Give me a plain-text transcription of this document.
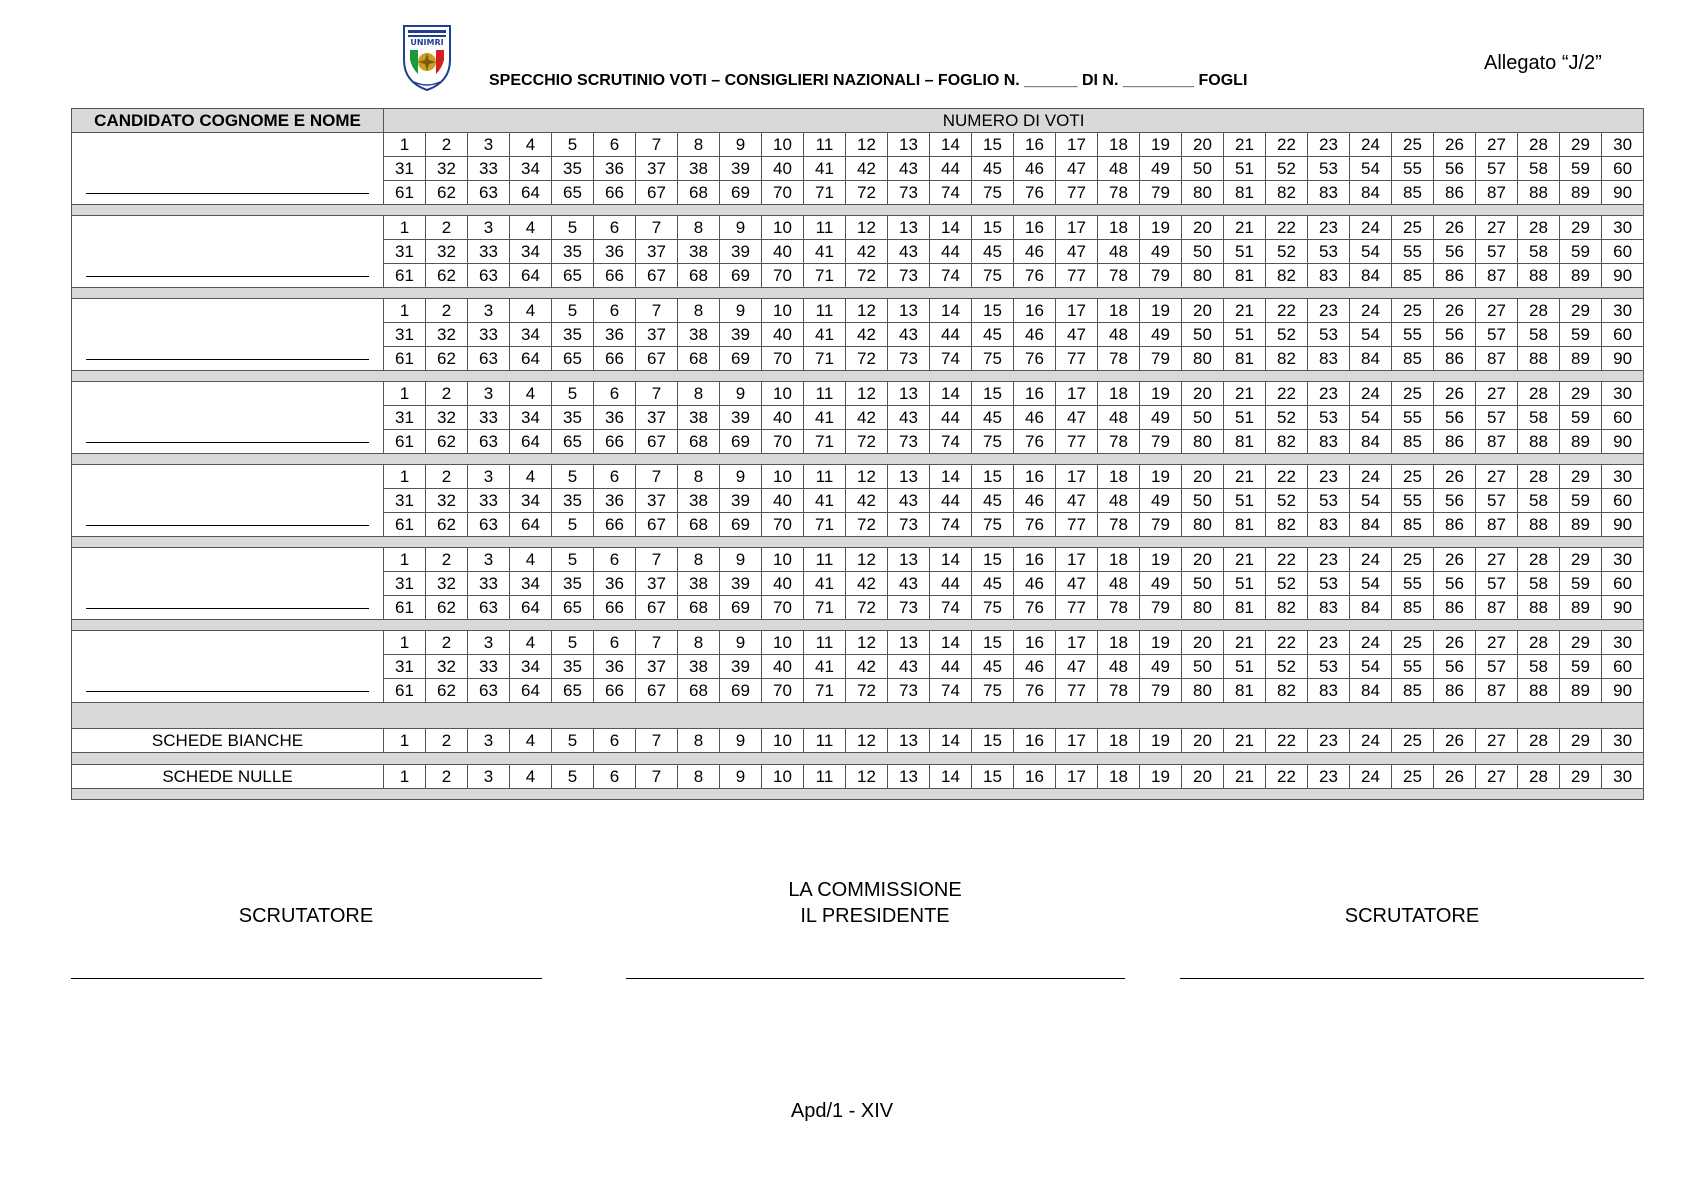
UNIMRI
SPECCHIO SCRUTINIO VOTI – CONSIGLIERI NAZIONALI – FOGLIO N. ______ DI N. ________ FOGLI
Allegato “J/2”
CANDIDATO COGNOME E NOME	NUMERO DI VOTI																													

	1	2	3	4	5	6	7	8	9	10	11	12	13	14	15	16	17	18	19	20	21	22	23	24	25	26	27	28	29	30
	31	32	33	34	35	36	37	38	39	40	41	42	43	44	45	46	47	48	49	50	51	52	53	54	55	56	57	58	59	60
	61	62	63	64	65	66	67	68	69	70	71	72	73	74	75	76	77	78	79	80	81	82	83	84	85	86	87	88	89	90

	1	2	3	4	5	6	7	8	9	10	11	12	13	14	15	16	17	18	19	20	21	22	23	24	25	26	27	28	29	30
	31	32	33	34	35	36	37	38	39	40	41	42	43	44	45	46	47	48	49	50	51	52	53	54	55	56	57	58	59	60
	61	62	63	64	65	66	67	68	69	70	71	72	73	74	75	76	77	78	79	80	81	82	83	84	85	86	87	88	89	90

	1	2	3	4	5	6	7	8	9	10	11	12	13	14	15	16	17	18	19	20	21	22	23	24	25	26	27	28	29	30
	31	32	33	34	35	36	37	38	39	40	41	42	43	44	45	46	47	48	49	50	51	52	53	54	55	56	57	58	59	60
	61	62	63	64	65	66	67	68	69	70	71	72	73	74	75	76	77	78	79	80	81	82	83	84	85	86	87	88	89	90

	1	2	3	4	5	6	7	8	9	10	11	12	13	14	15	16	17	18	19	20	21	22	23	24	25	26	27	28	29	30
	31	32	33	34	35	36	37	38	39	40	41	42	43	44	45	46	47	48	49	50	51	52	53	54	55	56	57	58	59	60
	61	62	63	64	65	66	67	68	69	70	71	72	73	74	75	76	77	78	79	80	81	82	83	84	85	86	87	88	89	90

	1	2	3	4	5	6	7	8	9	10	11	12	13	14	15	16	17	18	19	20	21	22	23	24	25	26	27	28	29	30
	31	32	33	34	35	36	37	38	39	40	41	42	43	44	45	46	47	48	49	50	51	52	53	54	55	56	57	58	59	60
	61	62	63	64	5	66	67	68	69	70	71	72	73	74	75	76	77	78	79	80	81	82	83	84	85	86	87	88	89	90

	1	2	3	4	5	6	7	8	9	10	11	12	13	14	15	16	17	18	19	20	21	22	23	24	25	26	27	28	29	30
	31	32	33	34	35	36	37	38	39	40	41	42	43	44	45	46	47	48	49	50	51	52	53	54	55	56	57	58	59	60
	61	62	63	64	65	66	67	68	69	70	71	72	73	74	75	76	77	78	79	80	81	82	83	84	85	86	87	88	89	90

	1	2	3	4	5	6	7	8	9	10	11	12	13	14	15	16	17	18	19	20	21	22	23	24	25	26	27	28	29	30
	31	32	33	34	35	36	37	38	39	40	41	42	43	44	45	46	47	48	49	50	51	52	53	54	55	56	57	58	59	60
	61	62	63	64	65	66	67	68	69	70	71	72	73	74	75	76	77	78	79	80	81	82	83	84	85	86	87	88	89	90

SCHEDE BIANCHE	1	2	3	4	5	6	7	8	9	10	11	12	13	14	15	16	17	18	19	20	21	22	23	24	25	26	27	28	29	30

SCHEDE NULLE	1	2	3	4	5	6	7	8	9	10	11	12	13	14	15	16	17	18	19	20	21	22	23	24	25	26	27	28	29	30

SCRUTATORE
LA COMMISSIONE
IL PRESIDENTE	SCRUTATORE
Apd/1 - XIV
